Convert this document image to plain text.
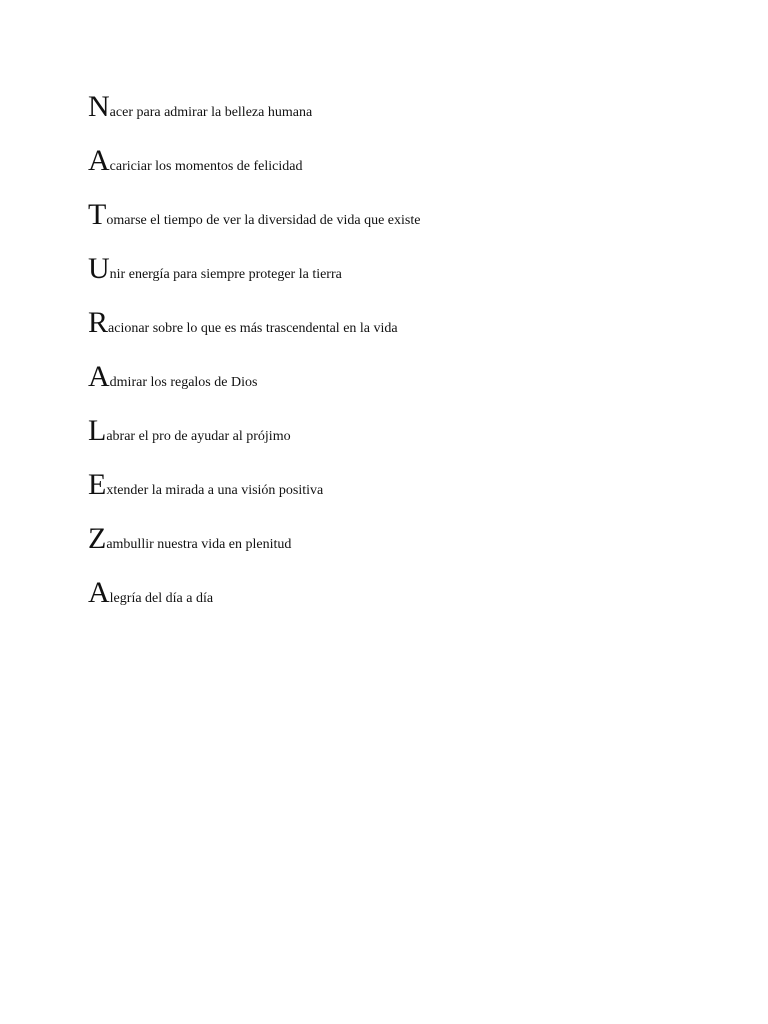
Nacer para admirar la belleza humana
Acariciar los momentos de felicidad
Tomarse el tiempo de ver la diversidad de vida que existe
Unir energía para siempre proteger la tierra
Racionar sobre lo que es más trascendental en la vida
Admirar los regalos de Dios
Labrar el pro de ayudar al prójimo
Extender la mirada a una visión positiva
Zambullir nuestra vida en plenitud
Alegría del día a día
